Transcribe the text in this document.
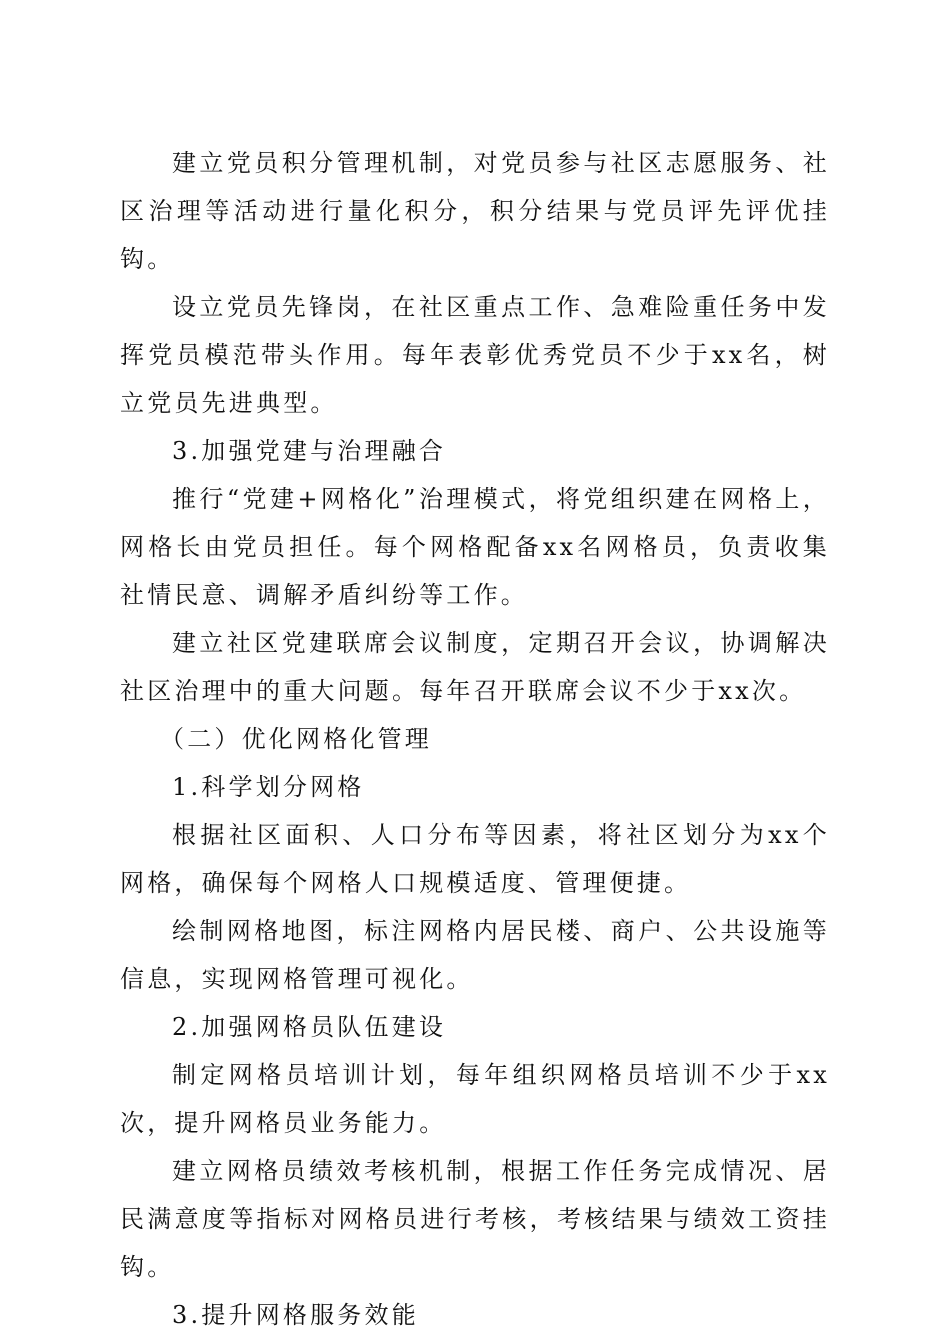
建立党员积分管理机制，对党员参与社区志愿服务、社区治理等活动进行量化积分，积分结果与党员评先评优挂钩。

设立党员先锋岗，在社区重点工作、急难险重任务中发挥党员模范带头作用。每年表彰优秀党员不少于xx名，树立党员先进典型。

3.加强党建与治理融合

推行“党建+网格化”治理模式，将党组织建在网格上，网格长由党员担任。每个网格配备xx名网格员，负责收集社情民意、调解矛盾纠纷等工作。

建立社区党建联席会议制度，定期召开会议，协调解决社区治理中的重大问题。每年召开联席会议不少于xx次。

（二）优化网格化管理

1.科学划分网格

根据社区面积、人口分布等因素，将社区划分为xx个网格，确保每个网格人口规模适度、管理便捷。

绘制网格地图，标注网格内居民楼、商户、公共设施等信息，实现网格管理可视化。

2.加强网格员队伍建设

制定网格员培训计划，每年组织网格员培训不少于xx次，提升网格员业务能力。

建立网格员绩效考核机制，根据工作任务完成情况、居民满意度等指标对网格员进行考核，考核结果与绩效工资挂钩。

3.提升网格服务效能
